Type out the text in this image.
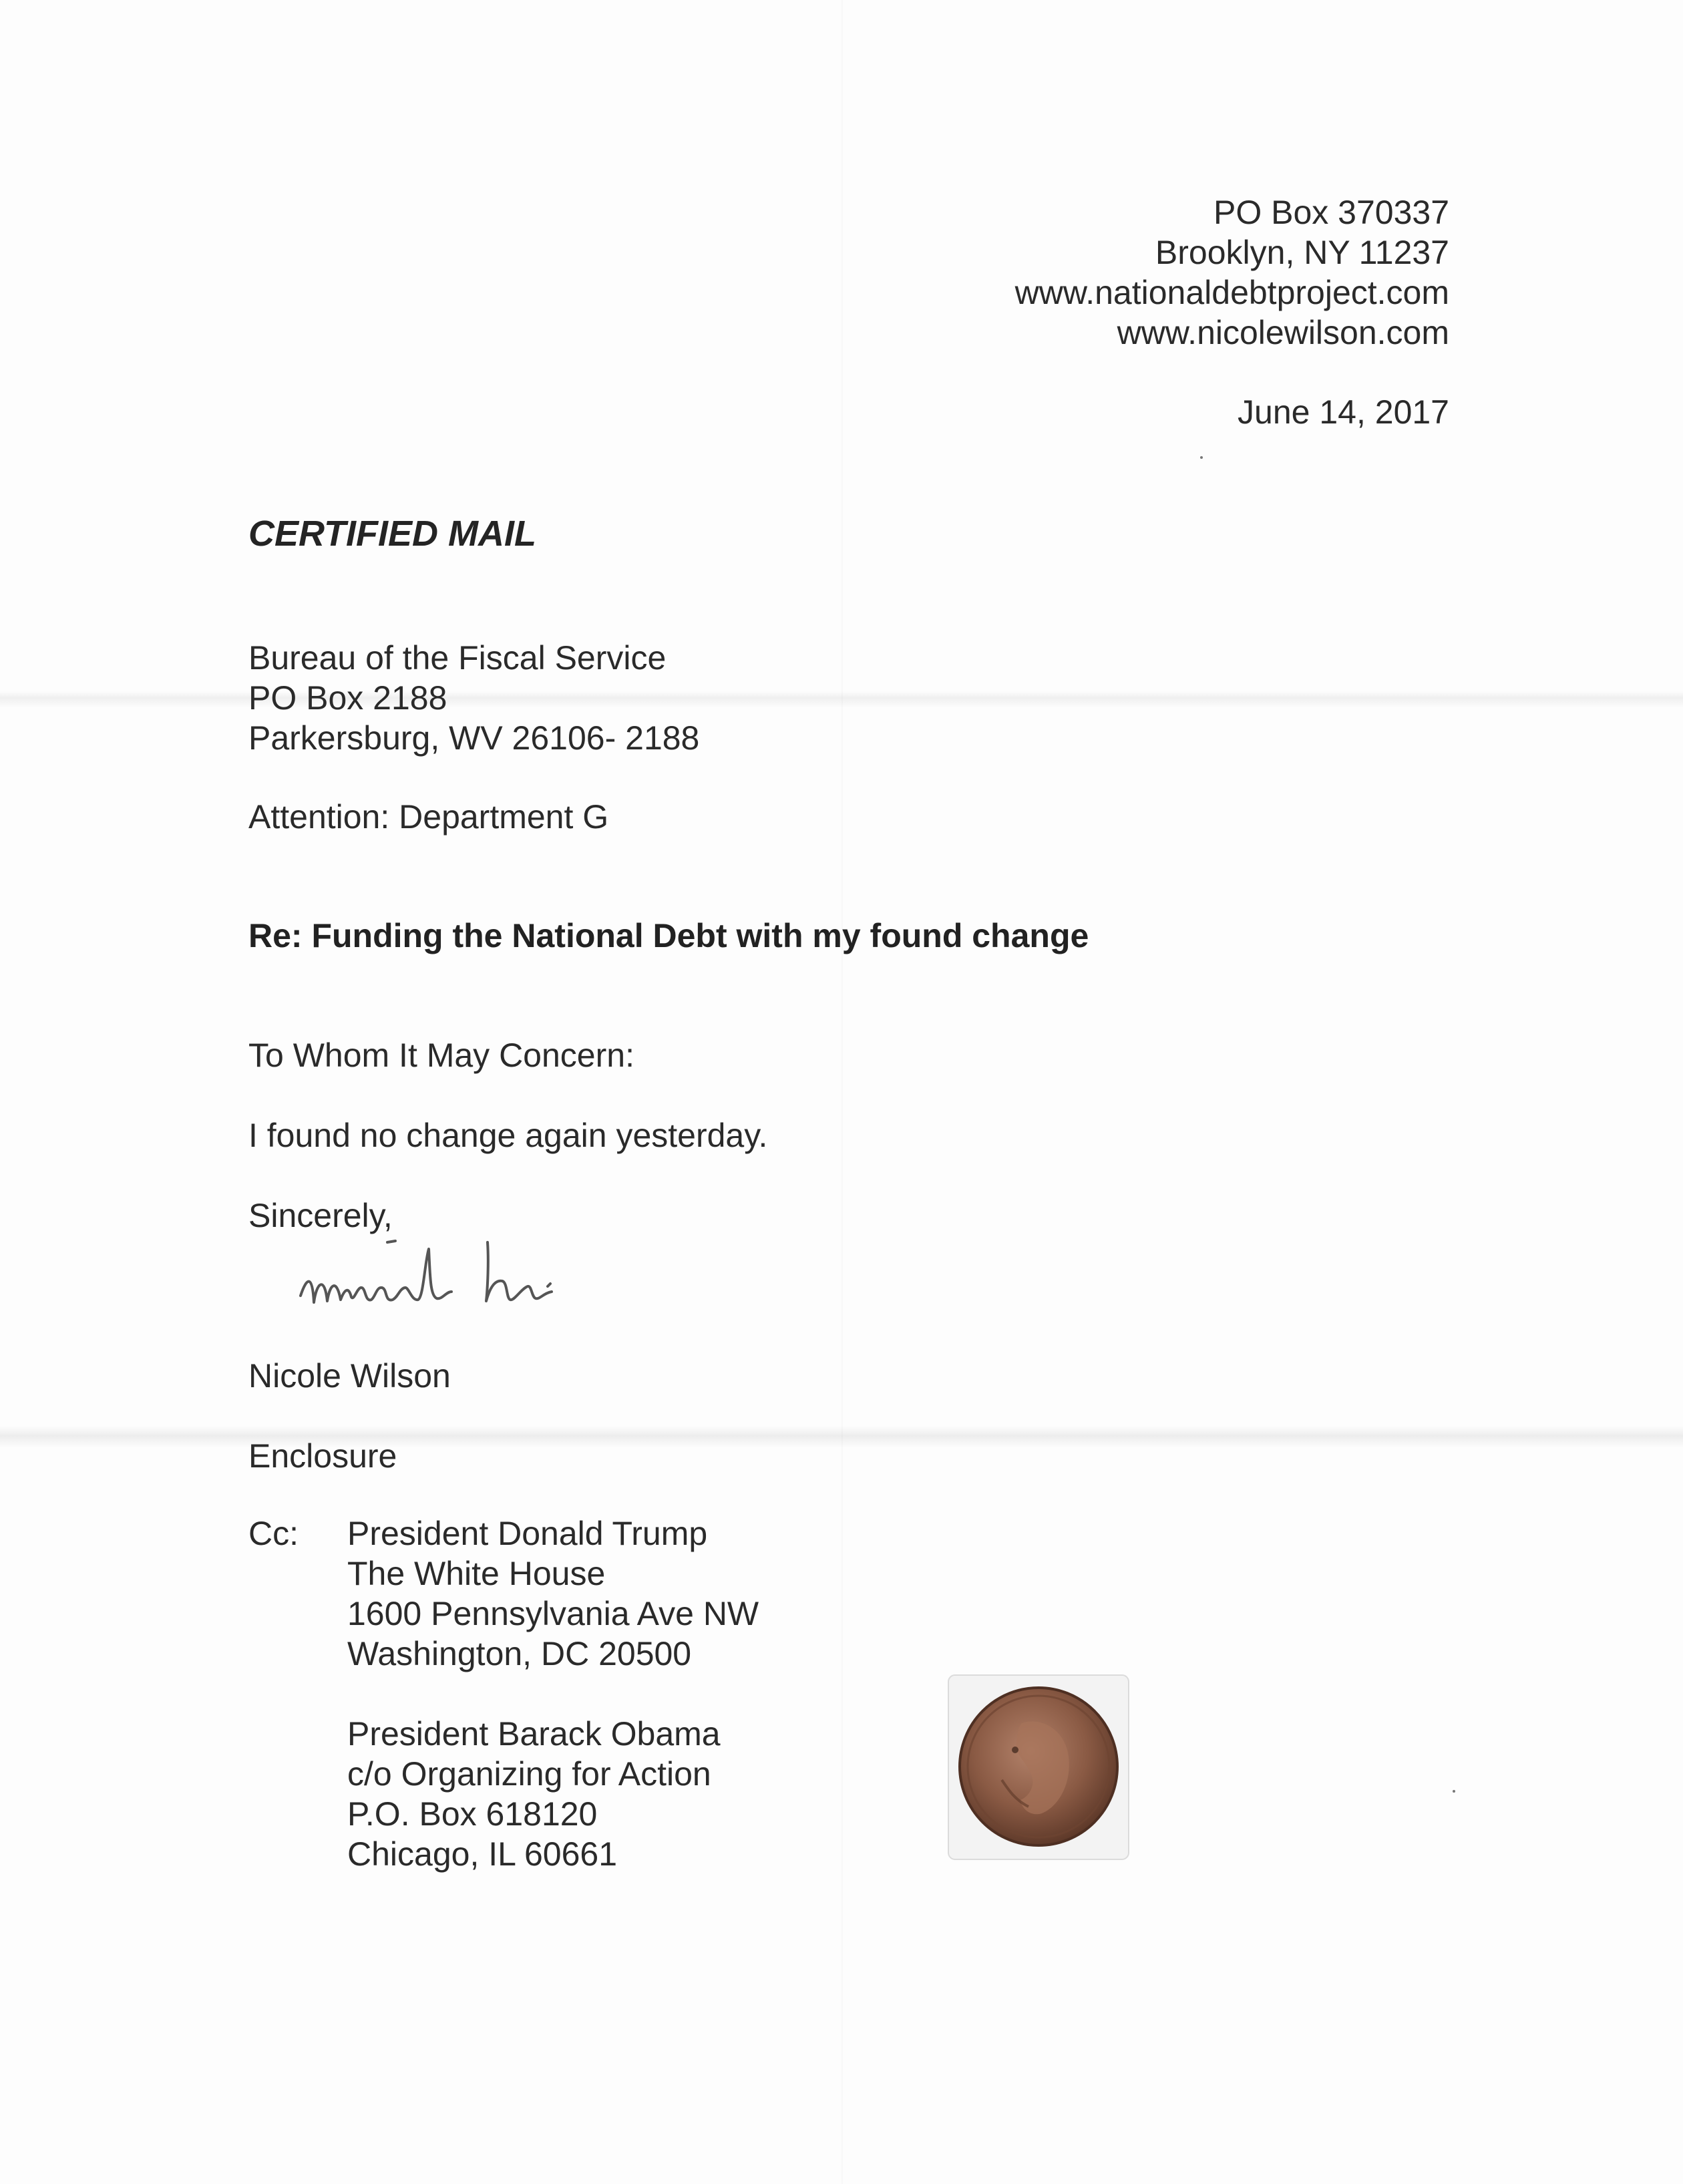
PO Box 370337
Brooklyn, NY 11237
www.nationaldebtproject.com
www.nicolewilson.com
June 14, 2017
CERTIFIED MAIL
Bureau of the Fiscal Service
PO Box 2188
Parkersburg, WV 26106- 2188
Attention: Department G
Re: Funding the National Debt with my found change
To Whom It May Concern:
I found no change again yesterday.
Sincerely,
Nicole Wilson
Enclosure
Cc: President Donald Trump
The White House
1600 Pennsylvania Ave NW
Washington, DC 20500
President Barack Obama
c/o Organizing for Action
P.O. Box 618120
Chicago, IL 60661
